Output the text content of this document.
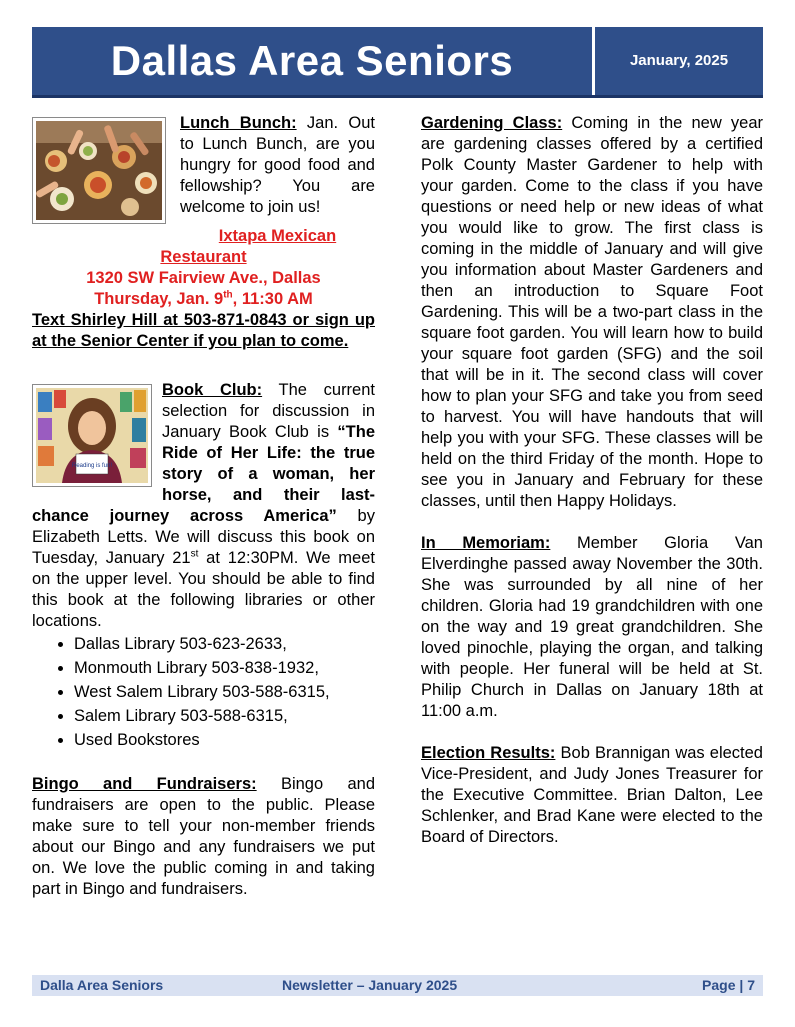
Dallas Area Seniors	January, 2025
Lunch Bunch: Jan. Out to Lunch Bunch, are you hungry for good food and fellowship? You are welcome to join us!
Ixtapa Mexican Restaurant
1320 SW Fairview Ave., Dallas
Thursday, Jan. 9th, 11:30 AM
Text Shirley Hill at 503-871-0843 or sign up at the Senior Center if you plan to come.
Reading is fun!
Book Club: The current selection for discussion in January Book Club is “The Ride of Her Life: the true story of a woman, her horse, and their last-chance journey across America” by Elizabeth Letts. We will discuss this book on Tuesday, January 21st at 12:30PM. We meet on the upper level. You should be able to find this book at the following libraries or other locations.
• Dallas Library 503-623-2633,
• Monmouth Library 503-838-1932,
• West Salem Library 503-588-6315,
• Salem Library 503-588-6315,
• Used Bookstores
Bingo and Fundraisers: Bingo and fundraisers are open to the public. Please make sure to tell your non-member friends about our Bingo and any fundraisers we put on. We love the public coming in and taking part in Bingo and fundraisers.
Gardening Class: Coming in the new year are gardening classes offered by a certified Polk County Master Gardener to help with your garden. Come to the class if you have questions or need help or new ideas of what you would like to grow. The first class is coming in the middle of January and will give you information about Master Gardeners and then an introduction to Square Foot Gardening. This will be a two-part class in the square foot garden. You will learn how to build your square foot garden (SFG) and the soil that will be in it. The second class will cover how to plan your SFG and take you from seed to harvest. You will have handouts that will help you with your SFG. These classes will be held on the third Friday of the month. Hope to see you in January and February for these classes, until then Happy Holidays.
In Memoriam: Member Gloria Van Elverdinghe passed away November the 30th. She was surrounded by all nine of her children. Gloria had 19 grandchildren with one on the way and 19 great grandchildren. She loved pinochle, playing the organ, and talking with people. Her funeral will be held at St. Philip Church in Dallas on January 18th at 11:00 a.m.
Election Results: Bob Brannigan was elected Vice-President, and Judy Jones Treasurer for the Executive Committee. Brian Dalton, Lee Schlenker, and Brad Kane were elected to the Board of Directors.
Dalla Area Seniors	Newsletter – January 2025	Page | 7
